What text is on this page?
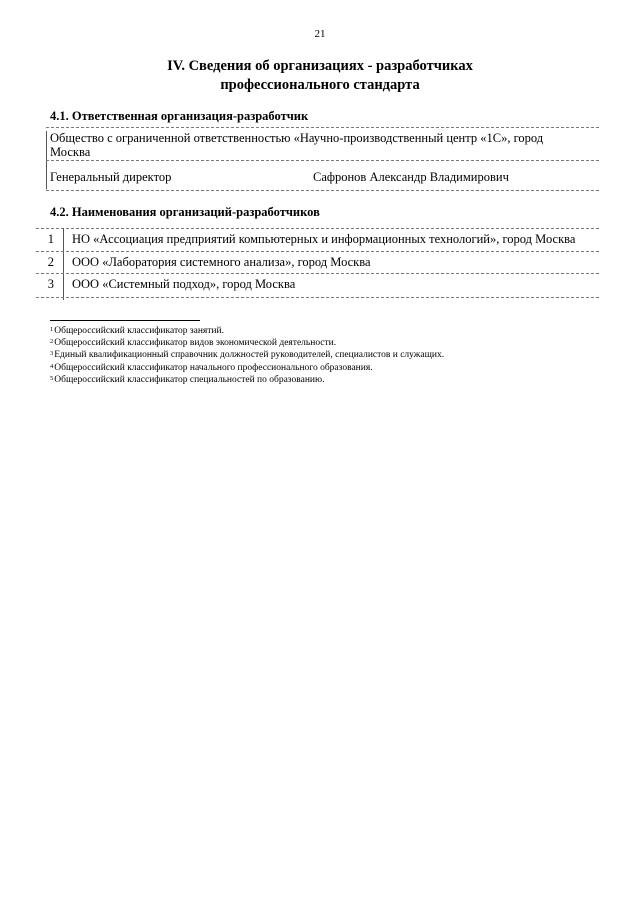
21
IV. Сведения об организациях - разработчиках
профессионального стандарта
4.1. Ответственная организация-разработчик
Общество с ограниченной ответственностью «Научно-производственный центр «1С», город
Москва
Генеральный директор	Сафронов Александр Владимирович
4.2. Наименования организаций-разработчиков
1 НО «Ассоциация предприятий компьютерных и информационных технологий», город Москва
2 ООО «Лаборатория системного анализа», город Москва
3 ООО «Системный подход», город Москва
$^1$Общероссийский классификатор занятий.
$^2$Общероссийский классификатор видов экономической деятельности.
$^3$Единый квалификационный справочник должностей руководителей, специалистов и служащих.
$^4$Общероссийский классификатор начального профессионального образования.
$^5$Общероссийский классификатор специальностей по образованию.
